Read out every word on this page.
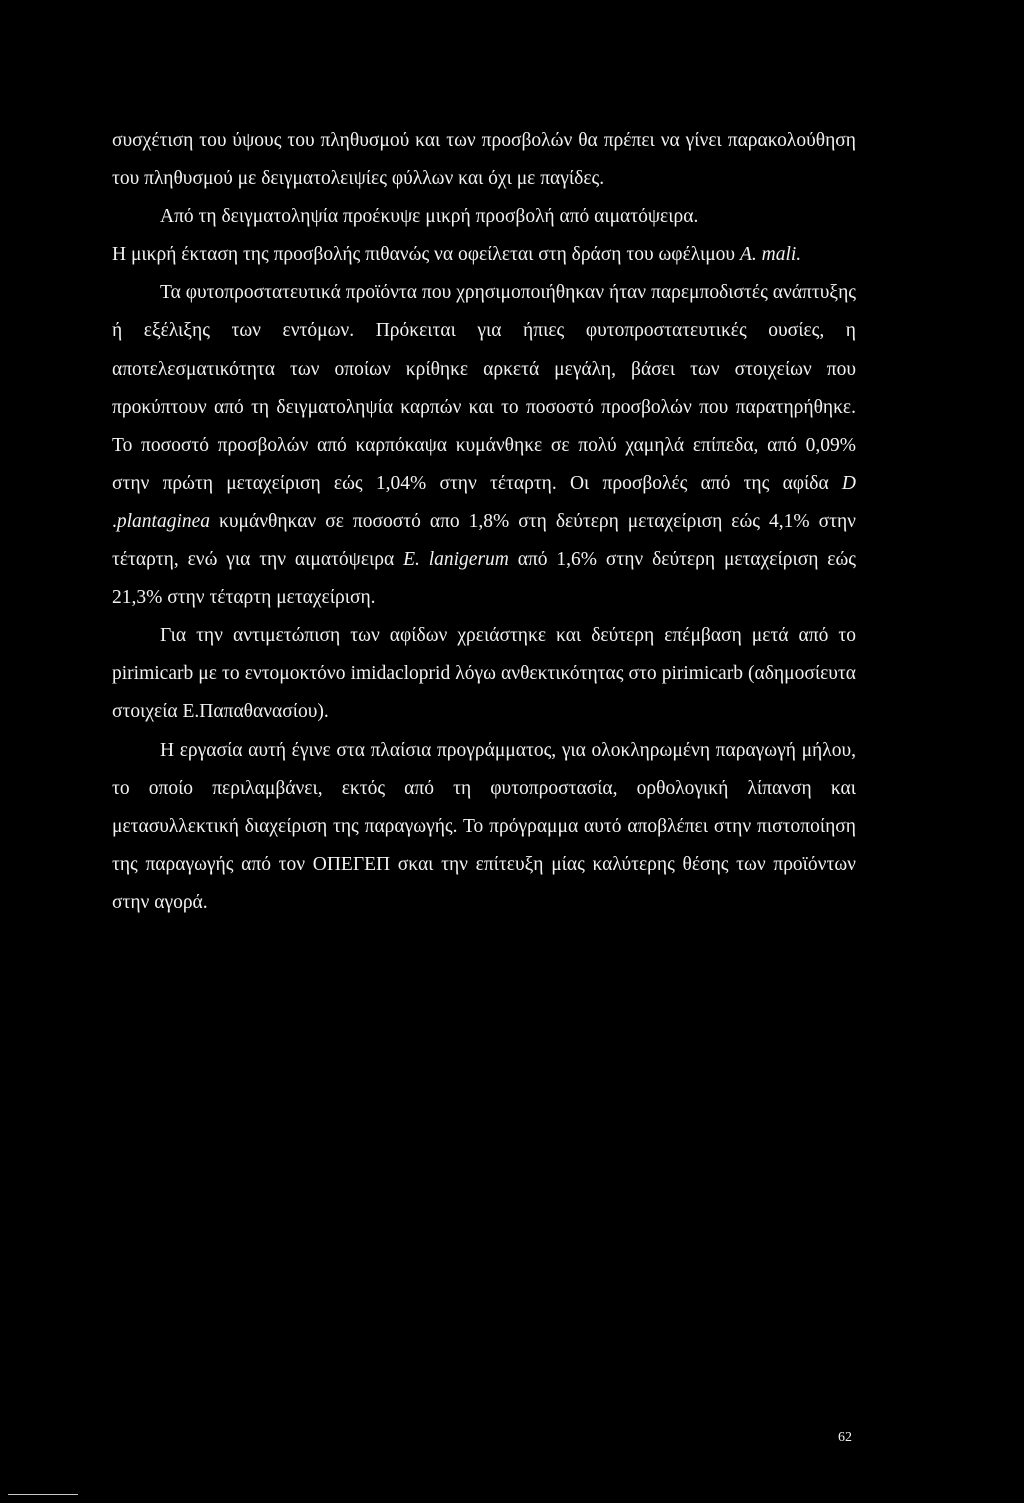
συσχέτιση του ύψους του πληθυσμού και των προσβολών θα πρέπει να γίνει παρακολούθηση του πληθυσμού με δειγματολειψίες φύλλων και όχι με παγίδες.

Από τη δειγματοληψία προέκυψε μικρή προσβολή από αιματόψειρα.

Η μικρή έκταση της προσβολής πιθανώς να οφείλεται στη δράση του ωφέλιμου A. mali.

Τα φυτοπροστατευτικά προϊόντα που χρησιμοποιήθηκαν ήταν παρεμποδιστές ανάπτυξης ή εξέλιξης των εντόμων. Πρόκειται για ήπιες φυτοπροστατευτικές ουσίες, η αποτελεσματικότητα των οποίων κρίθηκε αρκετά μεγάλη, βάσει των στοιχείων που προκύπτουν από τη δειγματοληψία καρπών και το ποσοστό προσβολών που παρατηρήθηκε. Το ποσοστό προσβολών από καρπόκαψα κυμάνθηκε σε πολύ χαμηλά επίπεδα, από 0,09% στην πρώτη μεταχείριση εώς 1,04% στην τέταρτη. Οι προσβολές από της αφίδα D .plantaginea κυμάνθηκαν σε ποσοστό απο 1,8% στη δεύτερη μεταχείριση εώς 4,1% στην τέταρτη, ενώ για την αιματόψειρα E. lanigerum από 1,6% στην δεύτερη μεταχείριση εώς 21,3% στην τέταρτη μεταχείριση.

Για την αντιμετώπιση των αφίδων χρειάστηκε και δεύτερη επέμβαση μετά από το pirimicarb με το εντομοκτόνο imidacloprid λόγω ανθεκτικότητας στο pirimicarb (αδημοσίευτα στοιχεία Ε.Παπαθανασίου).

Η εργασία αυτή έγινε στα πλαίσια προγράμματος, για ολοκληρωμένη παραγωγή μήλου, το οποίο περιλαμβάνει, εκτός από τη φυτοπροστασία, ορθολογική λίπανση και μετασυλλεκτική διαχείριση της παραγωγής. Το πρόγραμμα αυτό αποβλέπει στην πιστοποίηση της παραγωγής από τον ΟΠΕΓΕΠ σκαι την επίτευξη μίας καλύτερης θέσης των προϊόντων στην αγορά.

62
